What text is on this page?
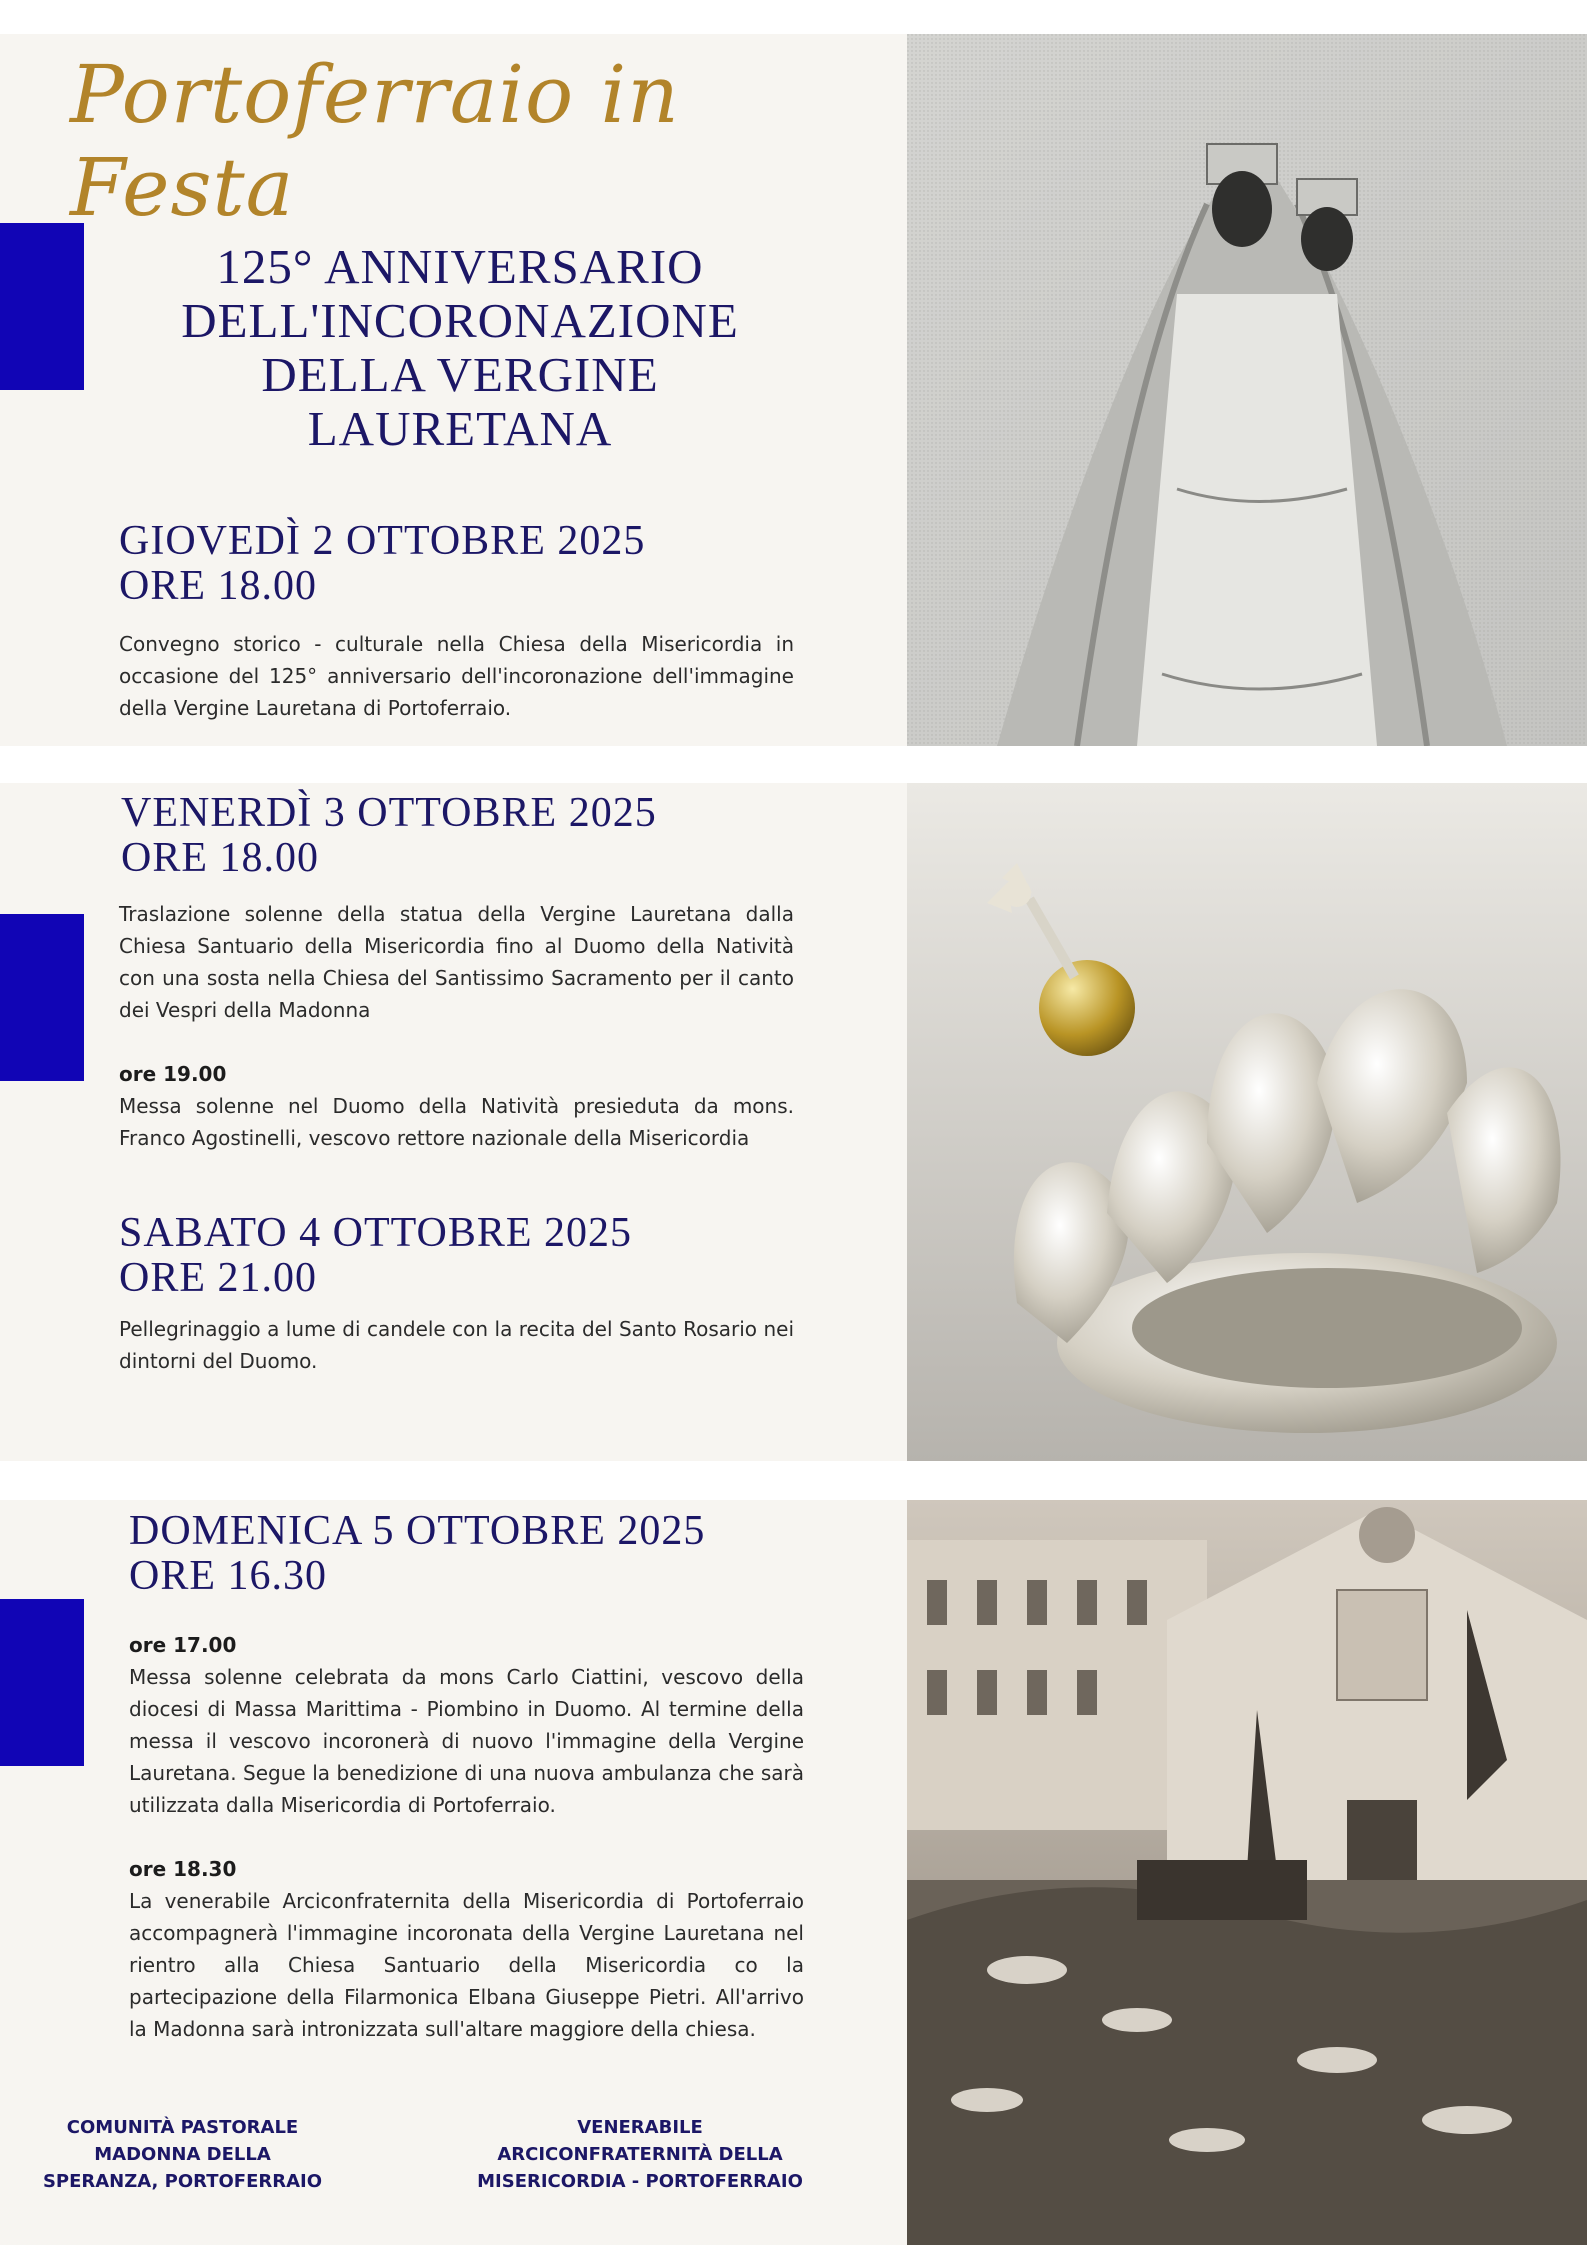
Portoferraio in Festa
125° ANNIVERSARIO
DELL'INCORONAZIONE
DELLA VERGINE
LAURETANA
GIOVEDÌ 2 OTTOBRE 2025
ORE 18.00

Convegno storico - culturale nella Chiesa della Misericordia in occasione del 125° anniversario dell'incoronazione dell'immagine della Vergine Lauretana di Portoferraio.

VENERDÌ 3 OTTOBRE 2025
ORE 18.00

Traslazione solenne della statua della Vergine Lauretana dalla Chiesa Santuario della Misericordia fino al Duomo della Natività con una sosta nella Chiesa del Santissimo Sacramento per il canto dei Vespri della Madonna

ore 19.00

Messa solenne nel Duomo della Natività presieduta da mons. Franco Agostinelli, vescovo rettore nazionale della Misericordia

SABATO 4 OTTOBRE 2025
ORE 21.00

Pellegrinaggio a lume di candele con la recita del Santo Rosario nei dintorni del Duomo.

DOMENICA 5 OTTOBRE 2025
ORE 16.30

ore 17.00

Messa solenne celebrata da mons Carlo Ciattini, vescovo della diocesi di Massa Marittima - Piombino in Duomo. Al termine della messa il vescovo incoronerà di nuovo l'immagine della Vergine Lauretana. Segue la benedizione di una nuova ambulanza che sarà utilizzata dalla Misericordia di Portoferraio.

ore 18.30

La venerabile Arciconfraternita della Misericordia di Portoferraio accompagnerà l'immagine incoronata della Vergine Lauretana nel rientro alla Chiesa Santuario della Misericordia co la partecipazione della Filarmonica Elbana Giuseppe Pietri. All'arrivo la Madonna sarà intronizzata sull'altare maggiore della chiesa.

COMUNITÀ PASTORALE
MADONNA DELLA
SPERANZA, PORTOFERRAIO
VENERABILE
ARCICONFRATERNITÀ DELLA
MISERICORDIA - PORTOFERRAIO
